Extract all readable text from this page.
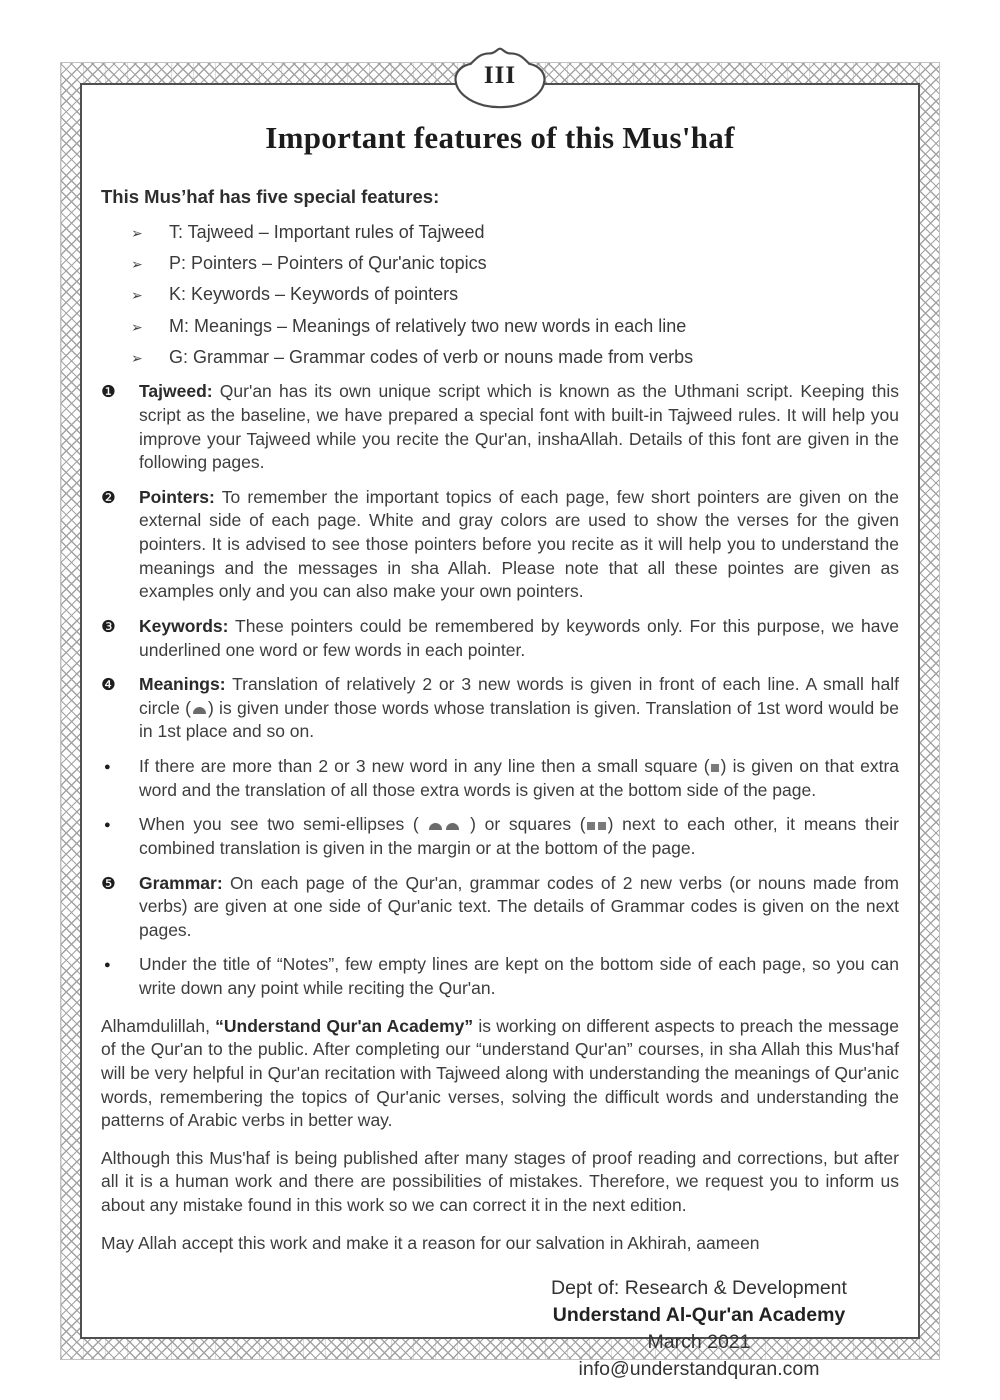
III
Important features of this Mus'haf

This Mus’haf has five special features:

➢	T: Tajweed – Important rules of Tajweed
➢	P: Pointers – Pointers of Qur'anic topics
➢	K: Keywords – Keywords of pointers
➢	M: Meanings – Meanings of relatively two new words in each line
➢	G: Grammar – Grammar codes of verb or nouns made from verbs
❶	Tajweed: Qur'an has its own unique script which is known as the Uthmani script. Keeping this script as the baseline, we have prepared a special font with built-in Tajweed rules. It will help you improve your Tajweed while you recite the Qur'an, inshaAllah. Details of this font are given in the following pages.

❷	Pointers: To remember the important topics of each page, few short pointers are given on the external side of each page. White and gray colors are used to show the verses for the given pointers. It is advised to see those pointers before you recite as it will help you to understand the meanings and the messages in sha Allah. Please note that all these pointes are given as examples only and you can also make your own pointers.

❸	Keywords: These pointers could be remembered by keywords only. For this purpose, we have underlined one word or few words in each pointer.

❹	Meanings: Translation of relatively 2 or 3 new words is given in front of each line. A small half circle ( ) is given under those words whose translation is given. Translation of 1st word would be in 1st place and so on.

●	If there are more than 2 or 3 new word in any line then a small square ( ) is given on that extra word and the translation of all those extra words is given at the bottom side of the page.

●	When you see two semi-ellipses (  ) or squares ( ) next to each other, it means their combined translation is given in the margin or at the bottom of the page.

❺	Grammar: On each page of the Qur'an, grammar codes of 2 new verbs (or nouns made from verbs) are given at one side of Qur'anic text. The details of Grammar codes is given on the next pages.

●	Under the title of “Notes”, few empty lines are kept on the bottom side of each page, so you can write down any point while reciting the Qur'an.

Alhamdulillah, “Understand Qur'an Academy” is working on different aspects to preach the message of the Qur'an to the public. After completing our “understand Qur'an” courses, in sha Allah this Mus'haf will be very helpful in Qur'an recitation with Tajweed along with understanding the meanings of Qur'anic words, remembering the topics of Qur'anic verses, solving the difficult words and understanding the patterns of Arabic verbs in better way.

Although this Mus'haf is being published after many stages of proof reading and corrections, but after all it is a human work and there are possibilities of mistakes. Therefore, we request you to inform us about any mistake found in this work so we can correct it in the next edition.

May Allah accept this work and make it a reason for our salvation in Akhirah, aameen

Dept of: Research & Development
Understand Al-Qur'an Academy
March 2021
info@understandquran.com
